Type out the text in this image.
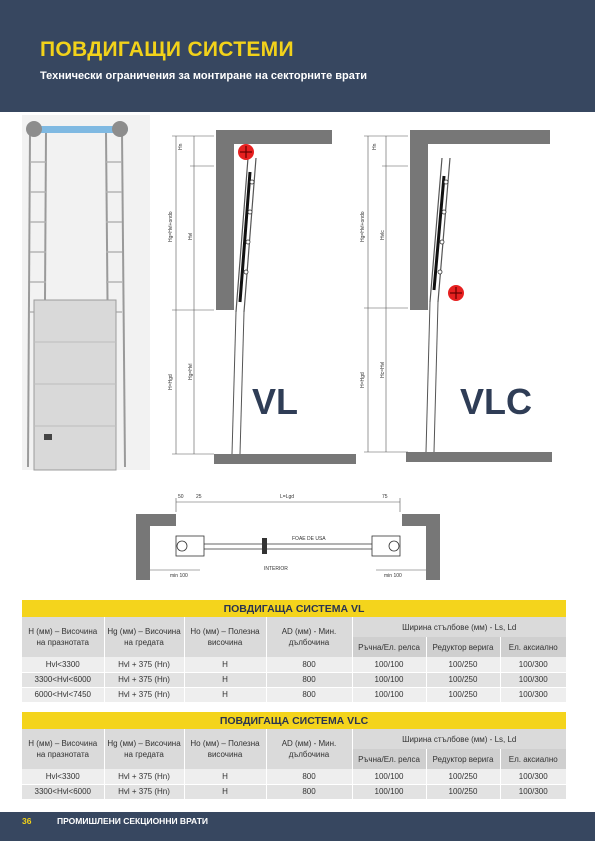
ПОВДИГАЩИ СИСТЕМИ
Технически ограничения за монтиране на секторните врати
Hn
Hg=Hvl+ondo	Hvl
H=Hgd
Hg=Hvl
VL
Hn
Hg=Hvl+ondo	Hvlc
H=Hgd
Hc=Hvl
VLC
50 25	L=Lgd	75
FOAE DE USA
INTERIOR
min 100	min 100
ПОВДИГАЩА СИСТЕМА VL						
H (мм) – Височина на празнотата	Hg (мм) – Височина на гредата	Ho (мм) – Полезна височина	AD (мм) - Мин. дълбочина	Ширина стълбове (мм) - Ls, Ld		
				Ръчна/Ел. релса	Редуктор верига	Ел. аксиално
Hvl<3300	Hvl + 375 (Hn)	H	800	100/100	100/250	100/300
3300<Hvl<6000	Hvl + 375 (Hn)	H	800	100/100	100/250	100/300
6000<Hvl<7450	Hvl + 375 (Hn)	H	800	100/100	100/250	100/300
ПОВДИГАЩА СИСТЕМА VLC						
H (мм) – Височина на празнотата	Hg (мм) – Височина на гредата	Ho (мм) – Полезна височина	AD (мм) - Мин. дълбочина	Ширина стълбове (мм) - Ls, Ld		
				Ръчна/Ел. релса	Редуктор верига	Ел. аксиално
Hvl<3300	Hvl + 375 (Hn)	H	800	100/100	100/250	100/300
3300<Hvl<6000	Hvl + 375 (Hn)	H	800	100/100	100/250	100/300
36	ПРОМИШЛЕНИ СЕКЦИОННИ ВРАТИ
